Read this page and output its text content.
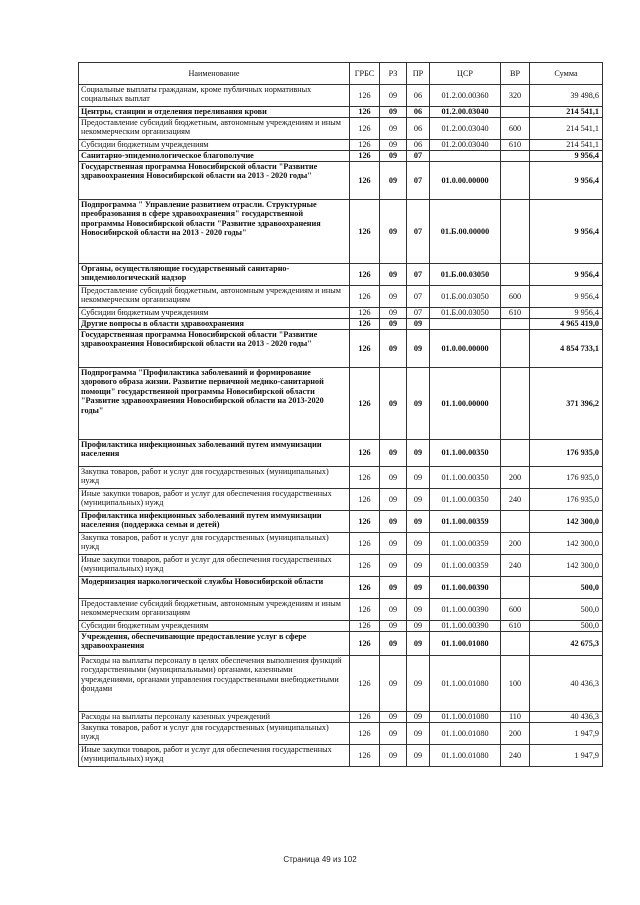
Наименование	ГРБС	РЗ	ПР	ЦСР	ВР	Сумма
Социальные выплаты гражданам, кроме публичных нормативных социальных выплат	126	09	06	01.2.00.00360	320	39 498,6
Центры, станции и отделения переливания крови	126	09	06	01.2.00.03040		214 541,1
Предоставление субсидий бюджетным, автономным учреждениям и иным некоммерческим организациям	126	09	06	01.2.00.03040	600	214 541,1
Субсидии бюджетным учреждениям	126	09	06	01.2.00.03040	610	214 541,1
Санитарно-эпидемиологическое благополучие	126	09	07			9 956,4
Государственная программа Новосибирской области "Развитие здравоохранения Новосибирской области на 2013 - 2020 годы"	126	09	07	01.0.00.00000		9 956,4
Подпрограмма " Управление развитием отрасли. Структурные преобразования в сфере здравоохранения" государственной программы Новосибирской области "Развитие здравоохранения Новосибирской области на 2013 - 2020 годы"	126	09	07	01.Б.00.00000		9 956,4
Органы, осуществляющие государственный санитарно-эпидемиологический надзор	126	09	07	01.Б.00.03050		9 956,4
Предоставление субсидий бюджетным, автономным учреждениям и иным некоммерческим организациям	126	09	07	01.Б.00.03050	600	9 956,4
Субсидии бюджетным учреждениям	126	09	07	01.Б.00.03050	610	9 956,4
Другие вопросы в области здравоохранения	126	09	09			4 965 419,0
Государственная программа Новосибирской области "Развитие здравоохранения Новосибирской области на 2013 - 2020 годы"	126	09	09	01.0.00.00000		4 854 733,1
Подпрограмма "Профилактика заболеваний и формирование здорового образа жизни. Развитие первичной медико-санитарной помощи" государственной программы Новосибирской области "Развитие здравоохранения Новосибирской области на 2013-2020 годы"	126	09	09	01.1.00.00000		371 396,2
Профилактика инфекционных заболеваний путем иммунизации населения	126	09	09	01.1.00.00350		176 935,0
Закупка товаров, работ и услуг для государственных (муниципальных) нужд	126	09	09	01.1.00.00350	200	176 935,0
Иные закупки товаров, работ и услуг для обеспечения государственных (муниципальных) нужд	126	09	09	01.1.00.00350	240	176 935,0
Профилактика инфекционных заболеваний путем иммунизации населения (поддержка семьи и детей)	126	09	09	01.1.00.00359		142 300,0
Закупка товаров, работ и услуг для государственных (муниципальных) нужд	126	09	09	01.1.00.00359	200	142 300,0
Иные закупки товаров, работ и услуг для обеспечения государственных (муниципальных) нужд	126	09	09	01.1.00.00359	240	142 300,0
Модернизация наркологической службы Новосибирской области	126	09	09	01.1.00.00390		500,0
Предоставление субсидий бюджетным, автономным учреждениям и иным некоммерческим организациям	126	09	09	01.1.00.00390	600	500,0
Субсидии бюджетным учреждениям	126	09	09	01.1.00.00390	610	500,0
Учреждения, обеспечивающие предоставление услуг в сфере здравоохранения	126	09	09	01.1.00.01080		42 675,3
Расходы на выплаты персоналу в целях обеспечения выполнения функций государственными (муниципальными) органами, казенными учреждениями, органами управления государственными внебюджетными фондами	126	09	09	01.1.00.01080	100	40 436,3
Расходы на выплаты персоналу казенных учреждений	126	09	09	01.1.00.01080	110	40 436,3
Закупка товаров, работ и услуг для государственных (муниципальных) нужд	126	09	09	01.1.00.01080	200	1 947,9
Иные закупки товаров, работ и услуг для обеспечения государственных (муниципальных) нужд	126	09	09	01.1.00.01080	240	1 947,9
Страница 49 из 102
